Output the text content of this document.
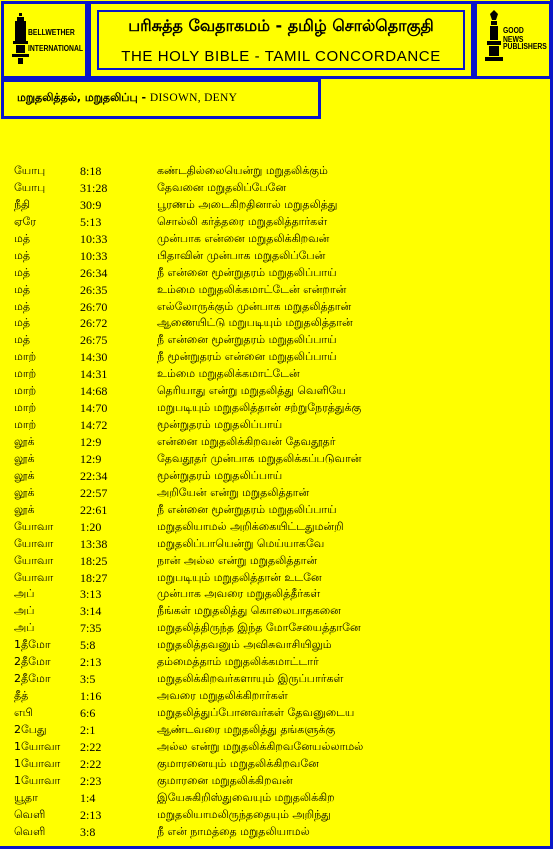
BELLWETHER
INTERNATIONAL
பரிசுத்த வேதாகமம் - தமிழ் சொல்தொகுதி
THE HOLY BIBLE - TAMIL CONCORDANCE
GOOD NEWS
PUBLISHERS
மறுதலித்தல், மறுதலிப்பு - DISOWN, DENY
யோபு	8:18	கண்டதில்லையென்று மறுதலிக்கும்
யோபு	31:28	தேவனை மறுதலிப்பேனே
நீதி	30:9	பூரணம் அடைகிறதினால் மறுதலித்து
ஏரே	5:13	சொல்லி கர்த்தரை மறுதலித்தார்கள்
மத்	10:33	முன்பாக என்னை மறுதலிக்கிறவன்
மத்	10:33	பிதாவின் முன்பாக மறுதலிப்பேன்
மத்	26:34	நீ என்னை மூன்றுதரம் மறுதலிப்பாய்
மத்	26:35	உம்மை மறுதலிக்கமாட்டேன் என்றான்
மத்	26:70	எல்லோருக்கும் முன்பாக மறுதலித்தான்
மத்	26:72	ஆணையிட்டு மறுபடியும் மறுதலித்தான்
மத்	26:75	நீ என்னை மூன்றுதரம் மறுதலிப்பாய்
மாற்	14:30	நீ மூன்றுதரம் என்னை மறுதலிப்பாய்
மாற்	14:31	உம்மை மறுதலிக்கமாட்டேன்
மாற்	14:68	தெரியாது என்று மறுதலித்து வெளியே
மாற்	14:70	மறுபடியும் மறுதலித்தான் சற்றுநேரத்துக்கு
மாற்	14:72	மூன்றுதரம் மறுதலிப்பாய்
லூக்	12:9	என்னை மறுதலிக்கிறவன் தேவதூதர்
லூக்	12:9	தேவதூதர் முன்பாக மறுதலிக்கப்படுவான்
லூக்	22:34	மூன்றுதரம் மறுதலிப்பாய்
லூக்	22:57	அறியேன் என்று மறுதலித்தான்
லூக்	22:61	நீ என்னை மூன்றுதரம் மறுதலிப்பாய்
யோவா 1:20	மறுதலியாமல் அறிக்கையிட்டதுமன்றி
யோவா 13:38	மறுதலிப்பாயென்று மெய்யாகவே
யோவா 18:25	நான் அல்ல என்று மறுதலித்தான்
யோவா 18:27	மறுபடியும் மறுதலித்தான் உடனே
அப்	3:13	முன்பாக அவரை மறுதலித்தீர்கள்
அப்	3:14	நீங்கள் மறுதலித்து கொலைபாதகனை
அப்	7:35	மறுதலித்திருந்த இந்த மோசேயைத்தானே
1தீமோ 5:8	மறுதலித்தவனும் அவிசுவாசியிலும்
2தீமோ 2:13	தம்மைத்தாம் மறுதலிக்கமாட்டார்
2தீமோ 3:5	மறுதலிக்கிறவர்களாயும் இருப்பார்கள்
தீத்	1:16	அவரை மறுதலிக்கிறார்கள்
எபி	6:6	மறுதலித்துப்போனவர்கள் தேவனுடைய
2பேது	2:1	ஆண்டவரை மறுதலித்து தங்களுக்கு
1யோவா 2:22	அல்ல என்று மறுதலிக்கிறவனேயல்லாமல்
1யோவா 2:22	குமாரனையும் மறுதலிக்கிறவனே
1யோவா 2:23	குமாரனை மறுதலிக்கிறவன்
யூதா	1:4	இயேசுகிறிஸ்துவையும் மறுதலிக்கிற
வெளி	2:13	மறுதலியாமலிருந்ததையும் அறிந்து
வெளி	3:8	நீ என் நாமத்தை மறுதலியாமல்
